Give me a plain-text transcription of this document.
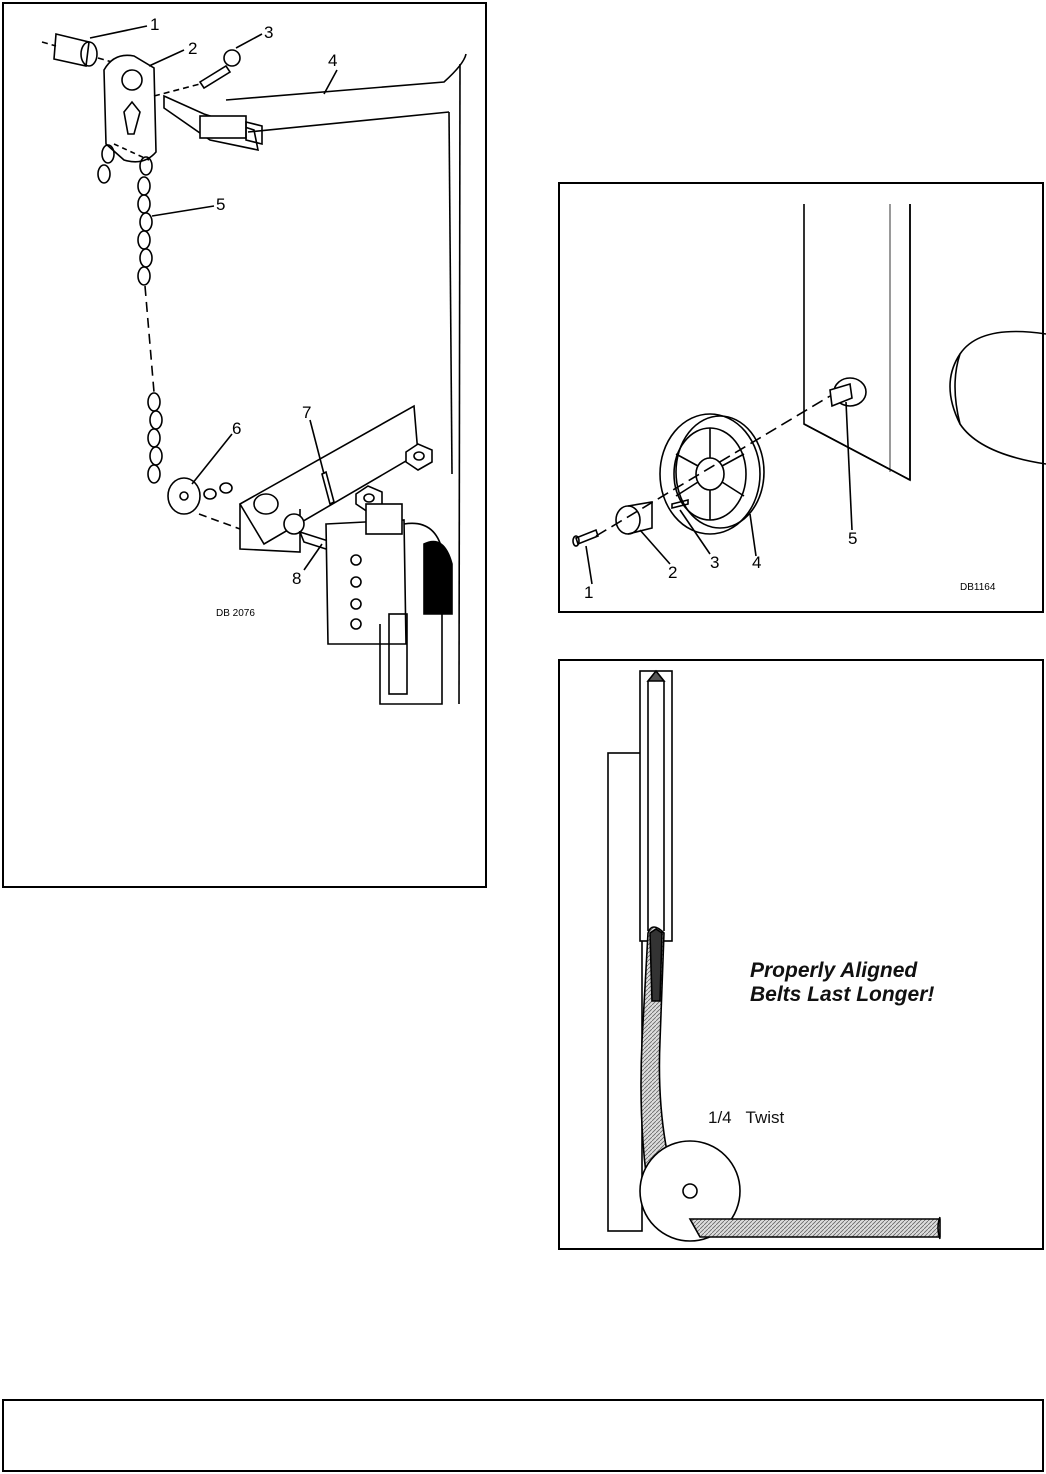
1
2
3
4
5
6
7
8
DB 2076
1
2
3 4
5
DB1164
Properly Aligned
Belts Last Longer!
1/4   Twist
